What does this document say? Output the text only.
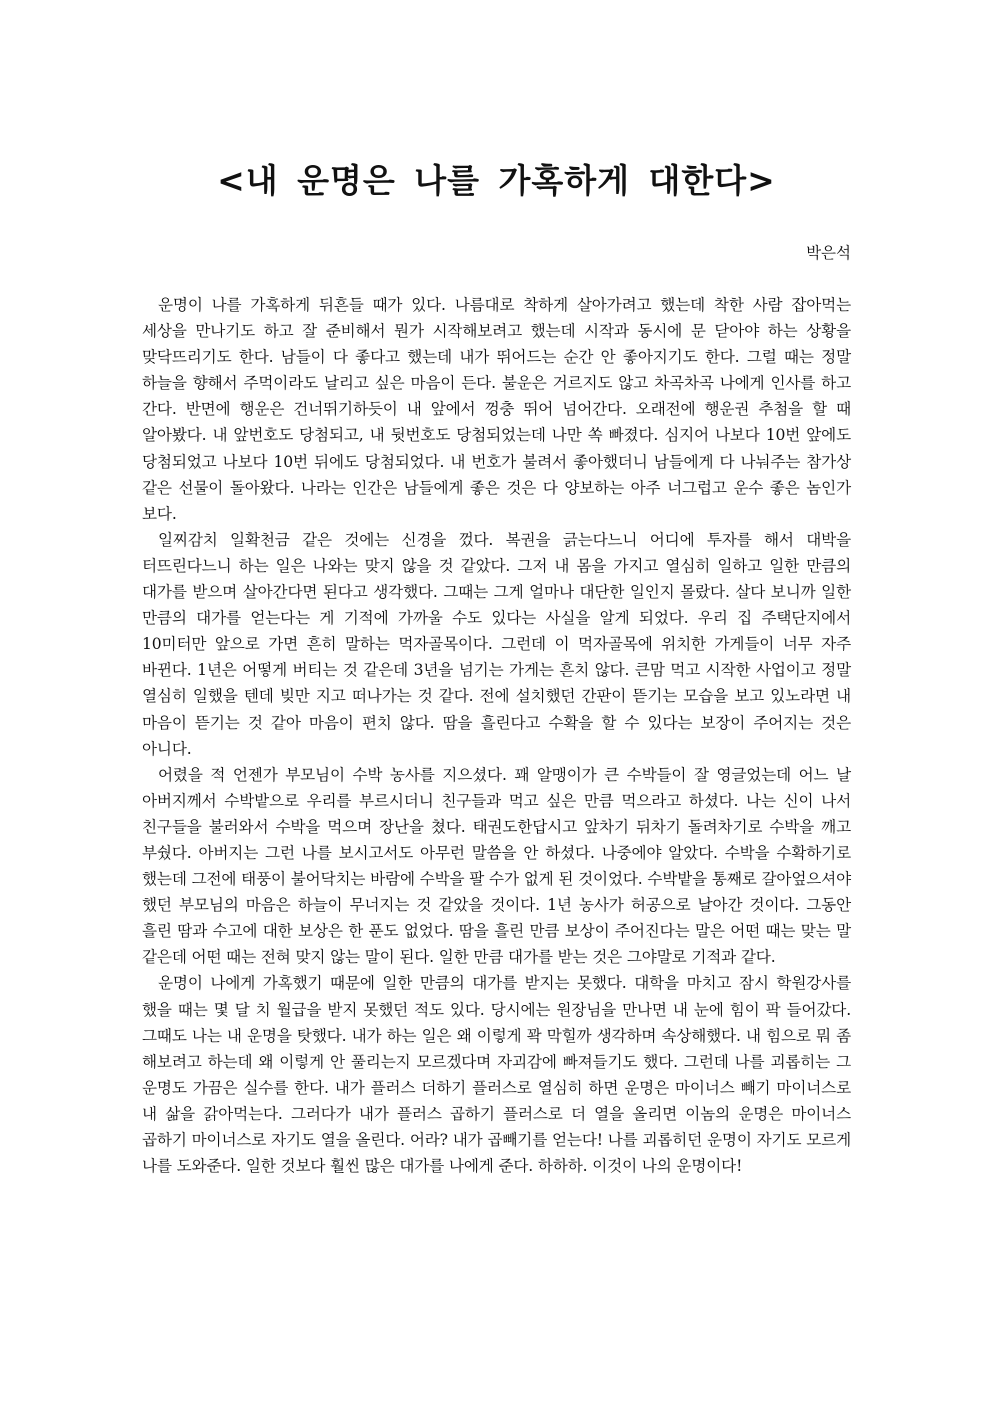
<내 운명은 나를 가혹하게 대한다>

박은석

운명이 나를 가혹하게 뒤흔들 때가 있다. 나름대로 착하게 살아가려고 했는데 착한 사람 잡아먹는 세상을 만나기도 하고 잘 준비해서 뭔가 시작해보려고 했는데 시작과 동시에 문 닫아야 하는 상황을 맞닥뜨리기도 한다. 남들이 다 좋다고 했는데 내가 뛰어드는 순간 안 좋아지기도 한다. 그럴 때는 정말 하늘을 향해서 주먹이라도 날리고 싶은 마음이 든다. 불운은 거르지도 않고 차곡차곡 나에게 인사를 하고 간다. 반면에 행운은 건너뛰기하듯이 내 앞에서 껑충 뛰어 넘어간다. 오래전에 행운권 추첨을 할 때 알아봤다. 내 앞번호도 당첨되고, 내 뒷번호도 당첨되었는데 나만 쏙 빠졌다. 심지어 나보다 10번 앞에도 당첨되었고 나보다 10번 뒤에도 당첨되었다. 내 번호가 불려서 좋아했더니 남들에게 다 나눠주는 참가상 같은 선물이 돌아왔다. 나라는 인간은 남들에게 좋은 것은 다 양보하는 아주 너그럽고 운수 좋은 놈인가 보다.

일찌감치 일확천금 같은 것에는 신경을 껐다. 복권을 긁는다느니 어디에 투자를 해서 대박을 터뜨린다느니 하는 일은 나와는 맞지 않을 것 같았다. 그저 내 몸을 가지고 열심히 일하고 일한 만큼의 대가를 받으며 살아간다면 된다고 생각했다. 그때는 그게 얼마나 대단한 일인지 몰랐다. 살다 보니까 일한 만큼의 대가를 얻는다는 게 기적에 가까울 수도 있다는 사실을 알게 되었다. 우리 집 주택단지에서 10미터만 앞으로 가면 흔히 말하는 먹자골목이다. 그런데 이 먹자골목에 위치한 가게들이 너무 자주 바뀐다. 1년은 어떻게 버티는 것 같은데 3년을 넘기는 가게는 흔치 않다. 큰맘 먹고 시작한 사업이고 정말 열심히 일했을 텐데 빚만 지고 떠나가는 것 같다. 전에 설치했던 간판이 뜯기는 모습을 보고 있노라면 내 마음이 뜯기는 것 같아 마음이 편치 않다. 땀을 흘린다고 수확을 할 수 있다는 보장이 주어지는 것은 아니다.

어렸을 적 언젠가 부모님이 수박 농사를 지으셨다. 꽤 알맹이가 큰 수박들이 잘 영글었는데 어느 날 아버지께서 수박밭으로 우리를 부르시더니 친구들과 먹고 싶은 만큼 먹으라고 하셨다. 나는 신이 나서 친구들을 불러와서 수박을 먹으며 장난을 쳤다. 태권도한답시고 앞차기 뒤차기 돌려차기로 수박을 깨고 부쉈다. 아버지는 그런 나를 보시고서도 아무런 말씀을 안 하셨다. 나중에야 알았다. 수박을 수확하기로 했는데 그전에 태풍이 불어닥치는 바람에 수박을 팔 수가 없게 된 것이었다. 수박밭을 통째로 갈아엎으셔야 했던 부모님의 마음은 하늘이 무너지는 것 같았을 것이다. 1년 농사가 허공으로 날아간 것이다. 그동안 흘린 땀과 수고에 대한 보상은 한 푼도 없었다. 땀을 흘린 만큼 보상이 주어진다는 말은 어떤 때는 맞는 말 같은데 어떤 때는 전혀 맞지 않는 말이 된다. 일한 만큼 대가를 받는 것은 그야말로 기적과 같다.

운명이 나에게 가혹했기 때문에 일한 만큼의 대가를 받지는 못했다. 대학을 마치고 잠시 학원강사를 했을 때는 몇 달 치 월급을 받지 못했던 적도 있다. 당시에는 원장님을 만나면 내 눈에 힘이 팍 들어갔다. 그때도 나는 내 운명을 탓했다. 내가 하는 일은 왜 이렇게 꽉 막힐까 생각하며 속상해했다. 내 힘으로 뭐 좀 해보려고 하는데 왜 이렇게 안 풀리는지 모르겠다며 자괴감에 빠져들기도 했다. 그런데 나를 괴롭히는 그 운명도 가끔은 실수를 한다. 내가 플러스 더하기 플러스로 열심히 하면 운명은 마이너스 빼기 마이너스로 내 삶을 갉아먹는다. 그러다가 내가 플러스 곱하기 플러스로 더 열을 올리면 이놈의 운명은 마이너스 곱하기 마이너스로 자기도 열을 올린다. 어라? 내가 곱빼기를 얻는다! 나를 괴롭히던 운명이 자기도 모르게 나를 도와준다. 일한 것보다 훨씬 많은 대가를 나에게 준다. 하하하. 이것이 나의 운명이다!
